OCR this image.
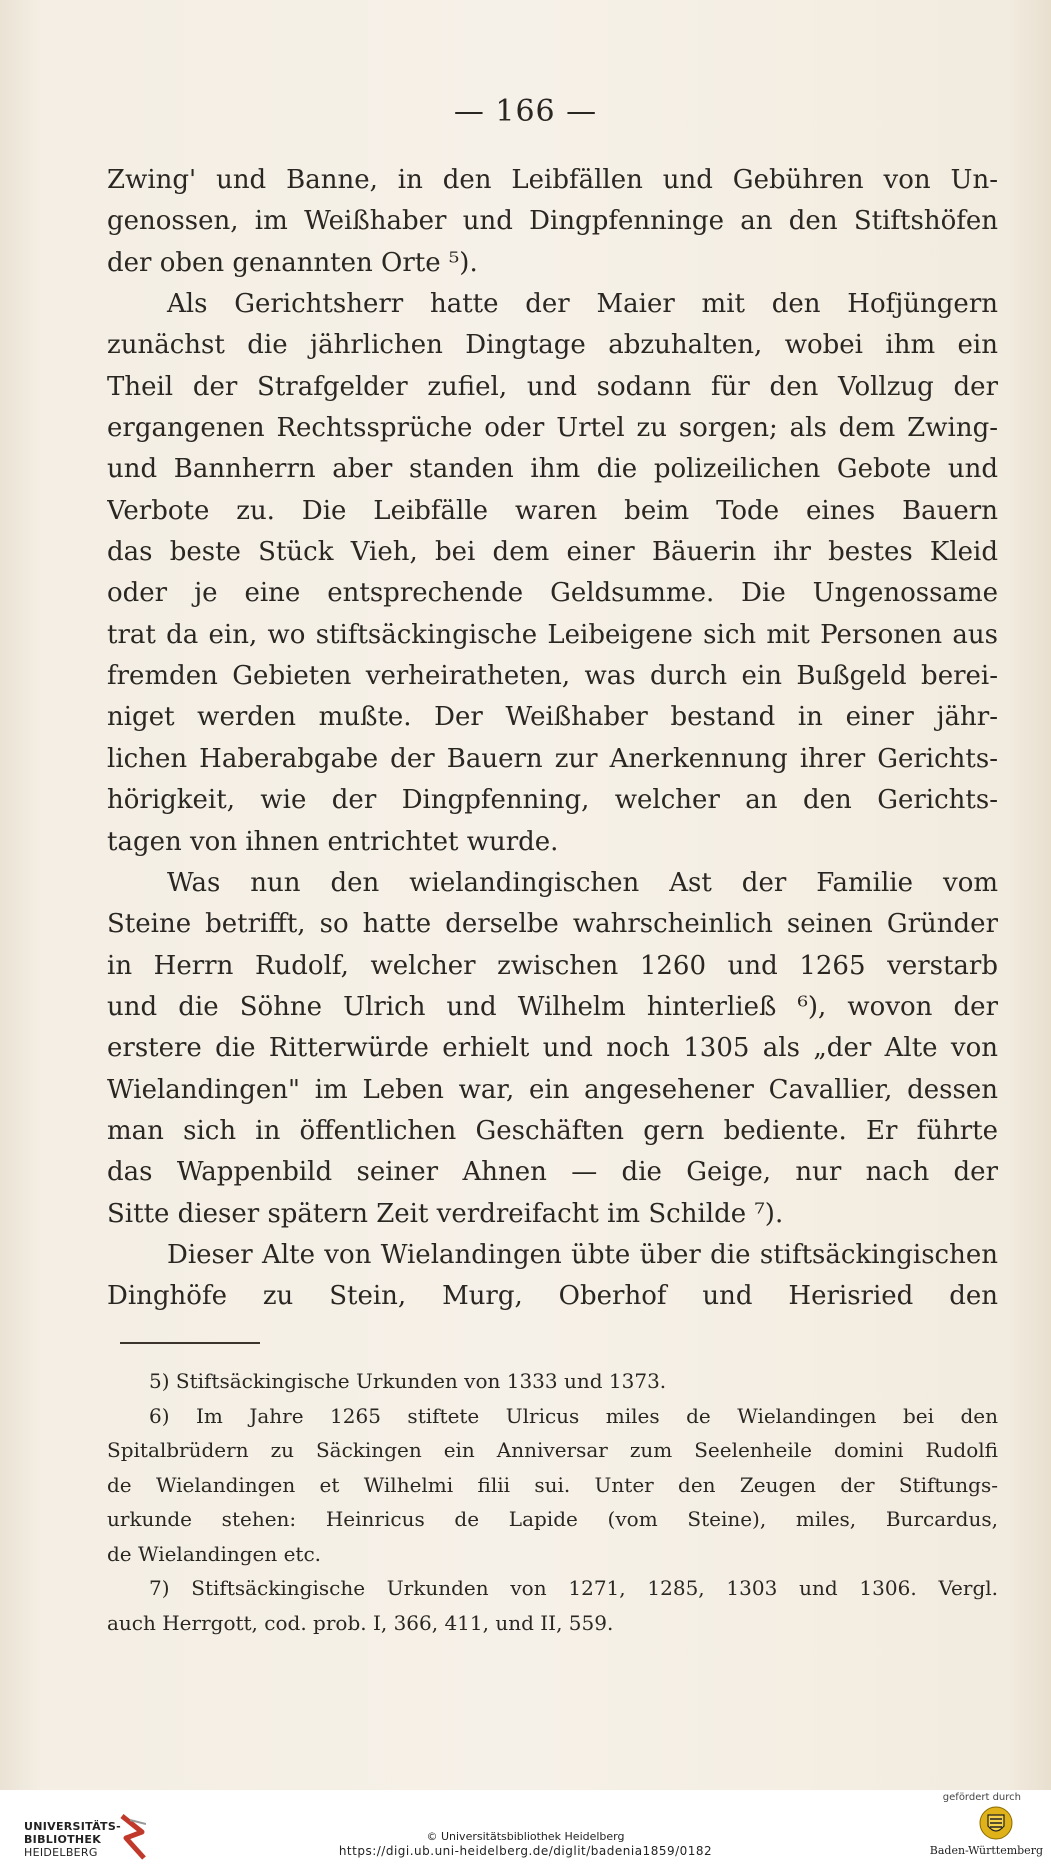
— 166 —
Zwing' und Banne, in den Leibfällen und Gebühren von Un-
genossen, im Weißhaber und Dingpfenninge an den Stiftshöfen
der oben genannten Orte ⁵).
Als Gerichtsherr hatte der Maier mit den Hofjüngern
zunächst die jährlichen Dingtage abzuhalten, wobei ihm ein
Theil der Strafgelder zufiel, und sodann für den Vollzug der
ergangenen Rechtssprüche oder Urtel zu sorgen; als dem Zwing-
und Bannherrn aber standen ihm die polizeilichen Gebote und
Verbote zu. Die Leibfälle waren beim Tode eines Bauern
das beste Stück Vieh, bei dem einer Bäuerin ihr bestes Kleid
oder je eine entsprechende Geldsumme. Die Ungenossame
trat da ein, wo stiftsäckingische Leibeigene sich mit Personen aus
fremden Gebieten verheiratheten, was durch ein Bußgeld berei-
niget werden mußte. Der Weißhaber bestand in einer jähr-
lichen Haberabgabe der Bauern zur Anerkennung ihrer Gerichts-
hörigkeit, wie der Dingpfenning, welcher an den Gerichts-
tagen von ihnen entrichtet wurde.
Was nun den wielandingischen Ast der Familie vom
Steine betrifft, so hatte derselbe wahrscheinlich seinen Gründer
in Herrn Rudolf, welcher zwischen 1260 und 1265 verstarb
und die Söhne Ulrich und Wilhelm hinterließ ⁶), wovon der
erstere die Ritterwürde erhielt und noch 1305 als „der Alte von
Wielandingen" im Leben war, ein angesehener Cavallier, dessen
man sich in öffentlichen Geschäften gern bediente. Er führte
das Wappenbild seiner Ahnen — die Geige, nur nach der
Sitte dieser spätern Zeit verdreifacht im Schilde ⁷).
Dieser Alte von Wielandingen übte über die stiftsäckingischen
Dinghöfe zu Stein, Murg, Oberhof und Herisried den
5) Stiftsäckingische Urkunden von 1333 und 1373.
6) Im Jahre 1265 stiftete Ulricus miles de Wielandingen bei den
Spitalbrüdern zu Säckingen ein Anniversar zum Seelenheile domini Rudolfi
de Wielandingen et Wilhelmi filii sui. Unter den Zeugen der Stiftungs-
urkunde stehen: Heinricus de Lapide (vom Steine), miles, Burcardus,
de Wielandingen etc.
7) Stiftsäckingische Urkunden von 1271, 1285, 1303 und 1306. Vergl.
auch Herrgott, cod. prob. I, 366, 411, und II, 559.
UNIVERSITÄTS-
BIBLIOTHEK
HEIDELBERG
© Universitätsbibliothek Heidelberg
https://digi.ub.uni-heidelberg.de/diglit/badenia1859/0182
gefördert durch
Baden-Württemberg
